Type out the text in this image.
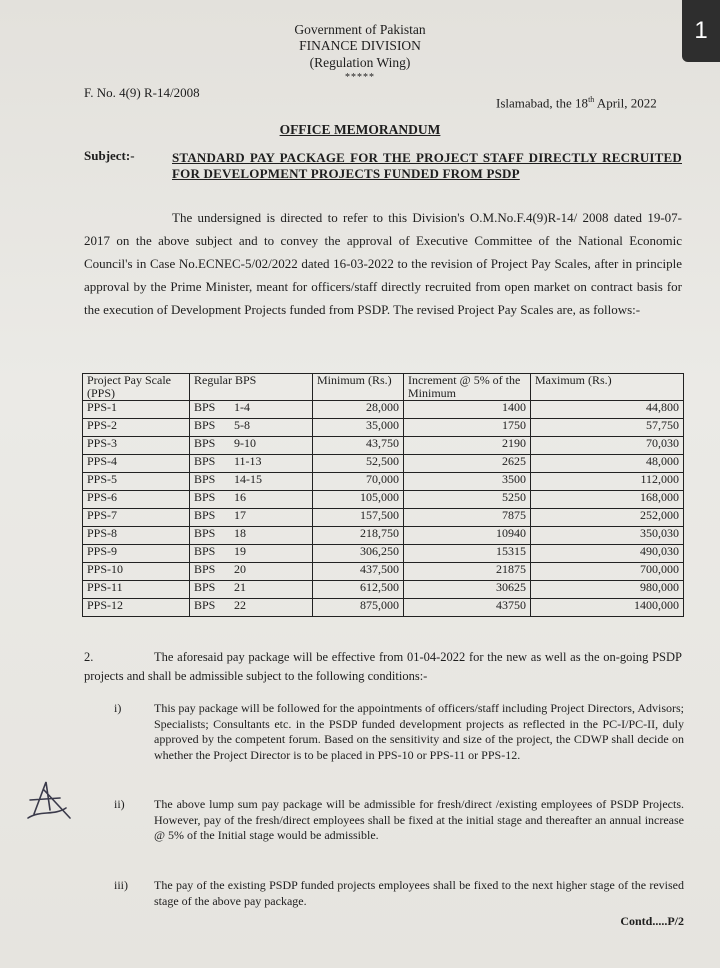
1
Government of Pakistan
FINANCE DIVISION
(Regulation Wing)
*****
F. No. 4(9) R-14/2008
Islamabad, the 18th April, 2022
OFFICE MEMORANDUM
Subject:-	STANDARD PAY PACKAGE FOR THE PROJECT STAFF DIRECTLY RECRUITED FOR DEVELOPMENT PROJECTS FUNDED FROM PSDP
The undersigned is directed to refer to this Division's O.M.No.F.4(9)R-14/ 2008 dated 19-07-2017 on the above subject and to convey the approval of Executive Committee of the National Economic Council's in Case No.ECNEC-5/02/2022 dated 16-03-2022 to the revision of Project Pay Scales, after in principle approval by the Prime Minister, meant for officers/staff directly recruited from open market on contract basis for the execution of Development Projects funded from PSDP. The revised Project Pay Scales are, as follows:-
Project Pay Scale (PPS)	Regular BPS	Minimum (Rs.)	Increment @ 5% of the Minimum	Maximum (Rs.)
PPS-1	BPS 1-4	28,000	1400	44,800
PPS-2	BPS 5-8	35,000	1750	57,750
PPS-3	BPS 9-10	43,750	2190	70,030
PPS-4	BPS 11-13	52,500	2625	48,000
PPS-5	BPS 14-15	70,000	3500	112,000
PPS-6	BPS 16	105,000	5250	168,000
PPS-7	BPS 17	157,500	7875	252,000
PPS-8	BPS 18	218,750	10940	350,030
PPS-9	BPS 19	306,250	15315	490,030
PPS-10	BPS 20	437,500	21875	700,000
PPS-11	BPS 21	612,500	30625	980,000
PPS-12	BPS 22	875,000	43750	1400,000
2.	The aforesaid pay package will be effective from 01-04-2022 for the new as well as the on-going PSDP projects and shall be admissible subject to the following conditions:-
i)	This pay package will be followed for the appointments of officers/staff including Project Directors, Advisors; Specialists; Consultants etc. in the PSDP funded development projects as reflected in the PC-I/PC-II, duly approved by the competent forum. Based on the sensitivity and size of the project, the CDWP shall decide on whether the Project Director is to be placed in PPS-10 or PPS-11 or PPS-12.
ii) The above lump sum pay package will be admissible for fresh/direct /existing employees of PSDP Projects. However, pay of the fresh/direct employees shall be fixed at the initial stage and thereafter an annual increase @ 5% of the Initial stage would be admissible.
iii) The pay of the existing PSDP funded projects employees shall be fixed to the next higher stage of the revised stage of the above pay package.
Contd.....P/2
